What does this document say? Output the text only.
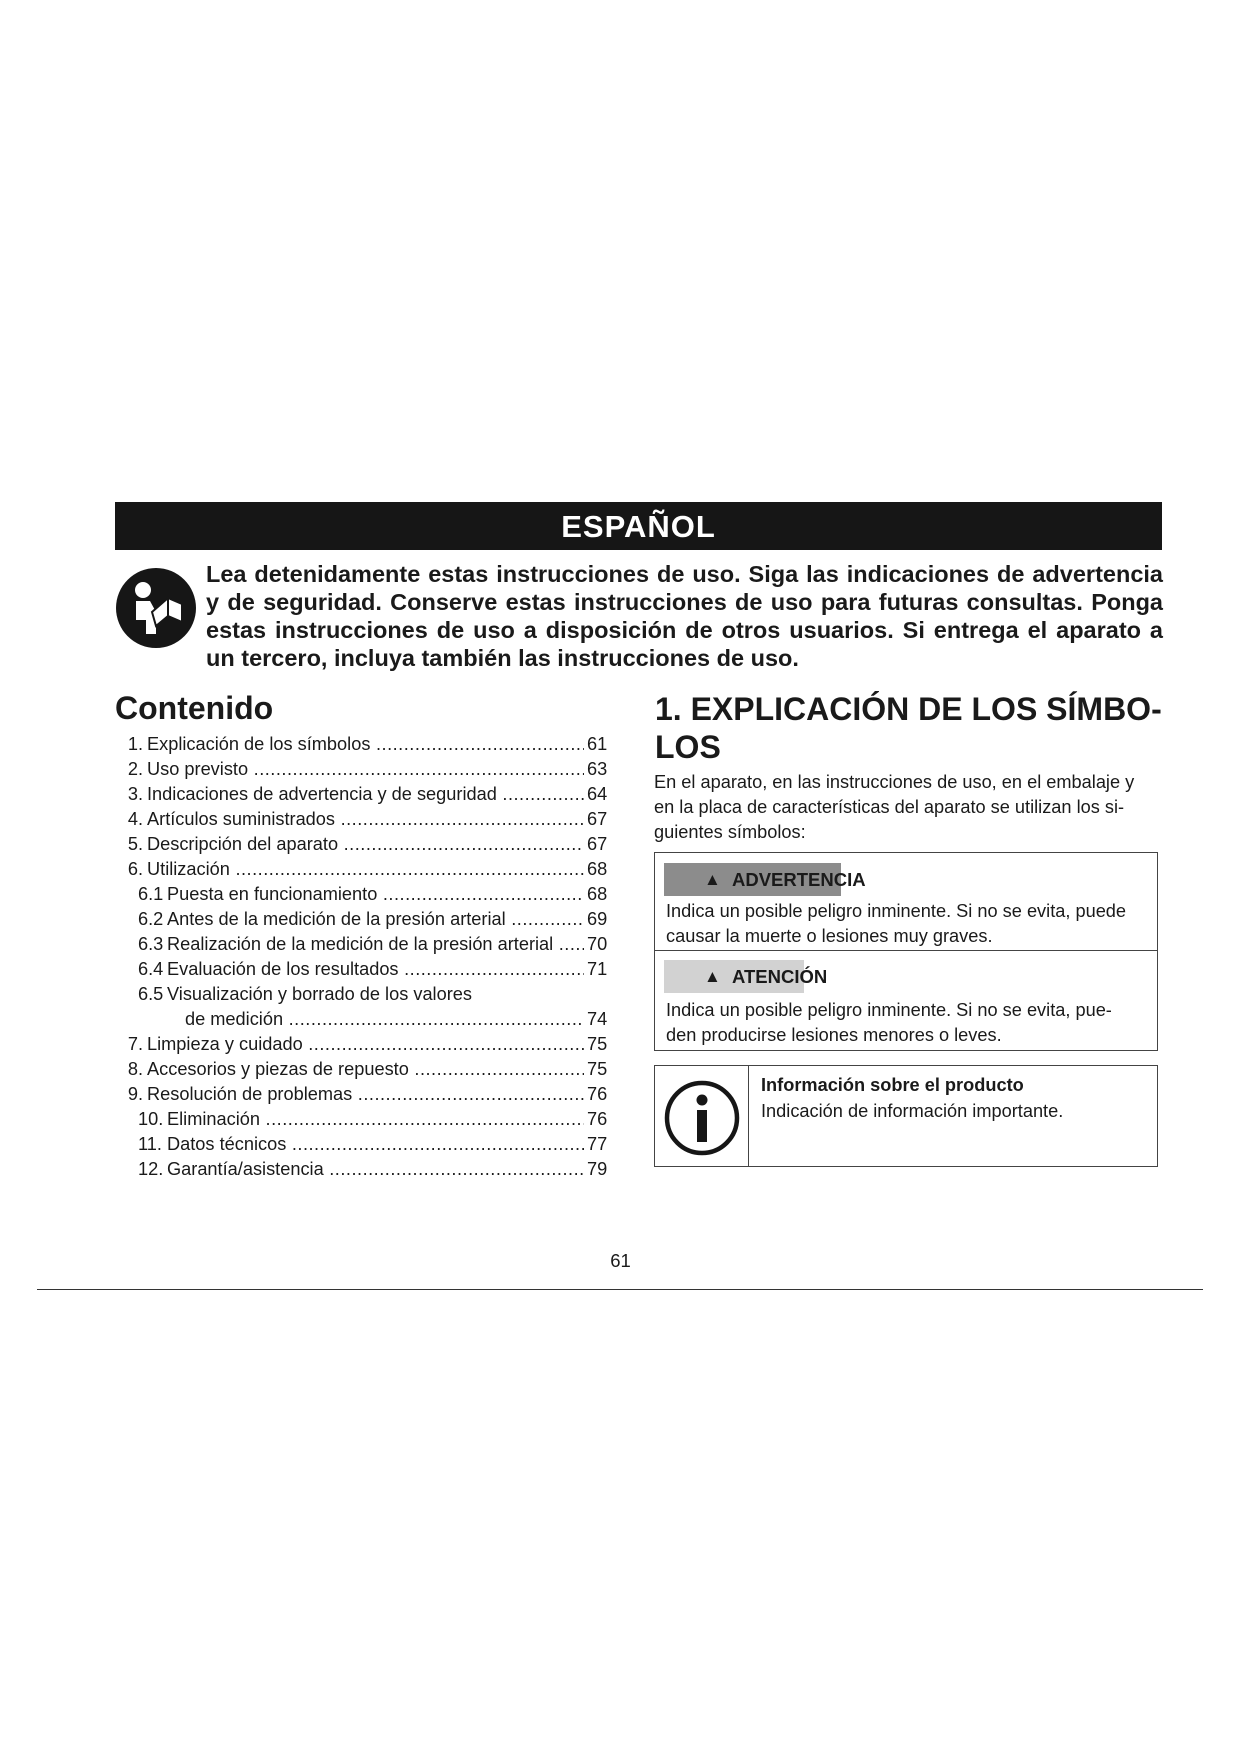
ESPAÑOL
Lea detenidamente estas instrucciones de uso. Siga las indicaciones de advertencia y de seguridad. Conserve estas instrucciones de uso para futuras consultas. Ponga estas instrucciones de uso a disposición de otros usuarios. Si entrega el aparato a un tercero, incluya también las instrucciones de uso.
Contenido
1. Explicación de los símbolos .....	61
2. Uso previsto .....	63
3. Indicaciones de advertencia y de seguridad .....	64
4. Artículos suministrados .....	67
5. Descripción del aparato .....	67
6. Utilización .....	68
6.1 Puesta en funcionamiento .....	68
6.2 Antes de la medición de la presión arterial .....	69
6.3 Realización de la medición de la presión arterial .....	70
6.4 Evaluación de los resultados .....	71
6.5 Visualización y borrado de los valores
de medición .....	74
7. Limpieza y cuidado .....	75
8. Accesorios y piezas de repuesto .....	75
9. Resolución de problemas .....	76
10. Eliminación .....	76
11. Datos técnicos .....	77
12. Garantía/asistencia .....	79
1. EXPLICACIÓN DE LOS SÍMBO-
LOS
En el aparato, en las instrucciones de uso, en el embalaje y
en la placa de características del aparato se utilizan los si-
guientes símbolos:
▲ ADVERTENCIA
Indica un posible peligro inminente. Si no se evita, puede
causar la muerte o lesiones muy graves.
▲ ATENCIÓN
Indica un posible peligro inminente. Si no se evita, pue-
den producirse lesiones menores o leves.
Información sobre el producto
Indicación de información importante.
61
